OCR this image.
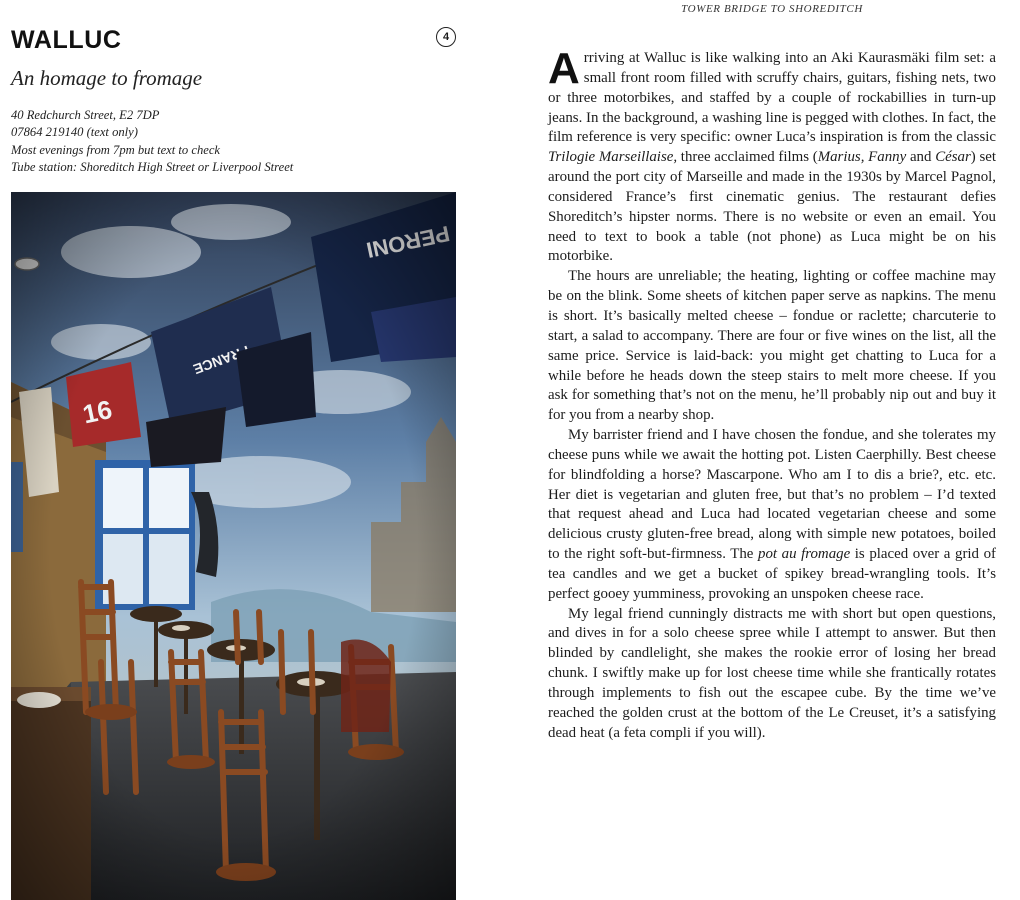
TOWER BRIDGE TO SHOREDITCH
WALLUC	4
An homage to fromage
40 Redchurch Street, E2 7DP
07864 219140 (text only)
Most evenings from 7pm but text to check
Tube station: Shoreditch High Street or Liverpool Street

Arriving at Walluc is like walking into an Aki Kaurasmäki film set: a small front room filled with scruffy chairs, guitars, fishing nets, two or three motorbikes, and staffed by a couple of rockabillies in turn-up jeans. In the background, a washing line is pegged with clothes. In fact, the film reference is very specific: owner Luca’s inspiration is from the classic Trilogie Marseillaise, three acclaimed films (Marius, Fanny and César) set around the port city of Marseille and made in the 1930s by Marcel Pagnol, considered France’s first cinematic genius. The restaurant defies Shoreditch’s hipster norms. There is no website or even an email. You need to text to book a table (not phone) as Luca might be on his motorbike.

The hours are unreliable; the heating, lighting or coffee machine may be on the blink. Some sheets of kitchen paper serve as napkins. The menu is short. It’s basically melted cheese – fondue or raclette; charcuterie to start, a salad to accompany. There are four or five wines on the list, all the same price. Service is laid-back: you might get chatting to Luca for a while before he heads down the steep stairs to melt more cheese. If you ask for something that’s not on the menu, he’ll probably nip out and buy it for you from a nearby shop.

My barrister friend and I have chosen the fondue, and she tolerates my cheese puns while we await the hotting pot. Listen Caerphilly. Best cheese for blindfolding a horse? Mascarpone. Who am I to dis a brie?, etc. etc. Her diet is vegetarian and gluten free, but that’s no problem – I’d texted that request ahead and Luca had located vegetarian cheese and some delicious crusty gluten-free bread, along with simple new potatoes, boiled to the right soft-but-firmness. The pot au fromage is placed over a grid of tea candles and we get a bucket of spikey bread-wrangling tools. It’s perfect gooey yumminess, provoking an unspoken cheese race.

My legal friend cunningly distracts me with short but open questions, and dives in for a solo cheese spree while I attempt to answer. But then blinded by candlelight, she makes the rookie error of losing her bread chunk. I swiftly make up for lost cheese time while she frantically rotates through implements to fish out the escapee cube. By the time we’ve reached the golden crust at the bottom of the Le Creuset, it’s a satisfying dead heat (a feta compli if you will).
